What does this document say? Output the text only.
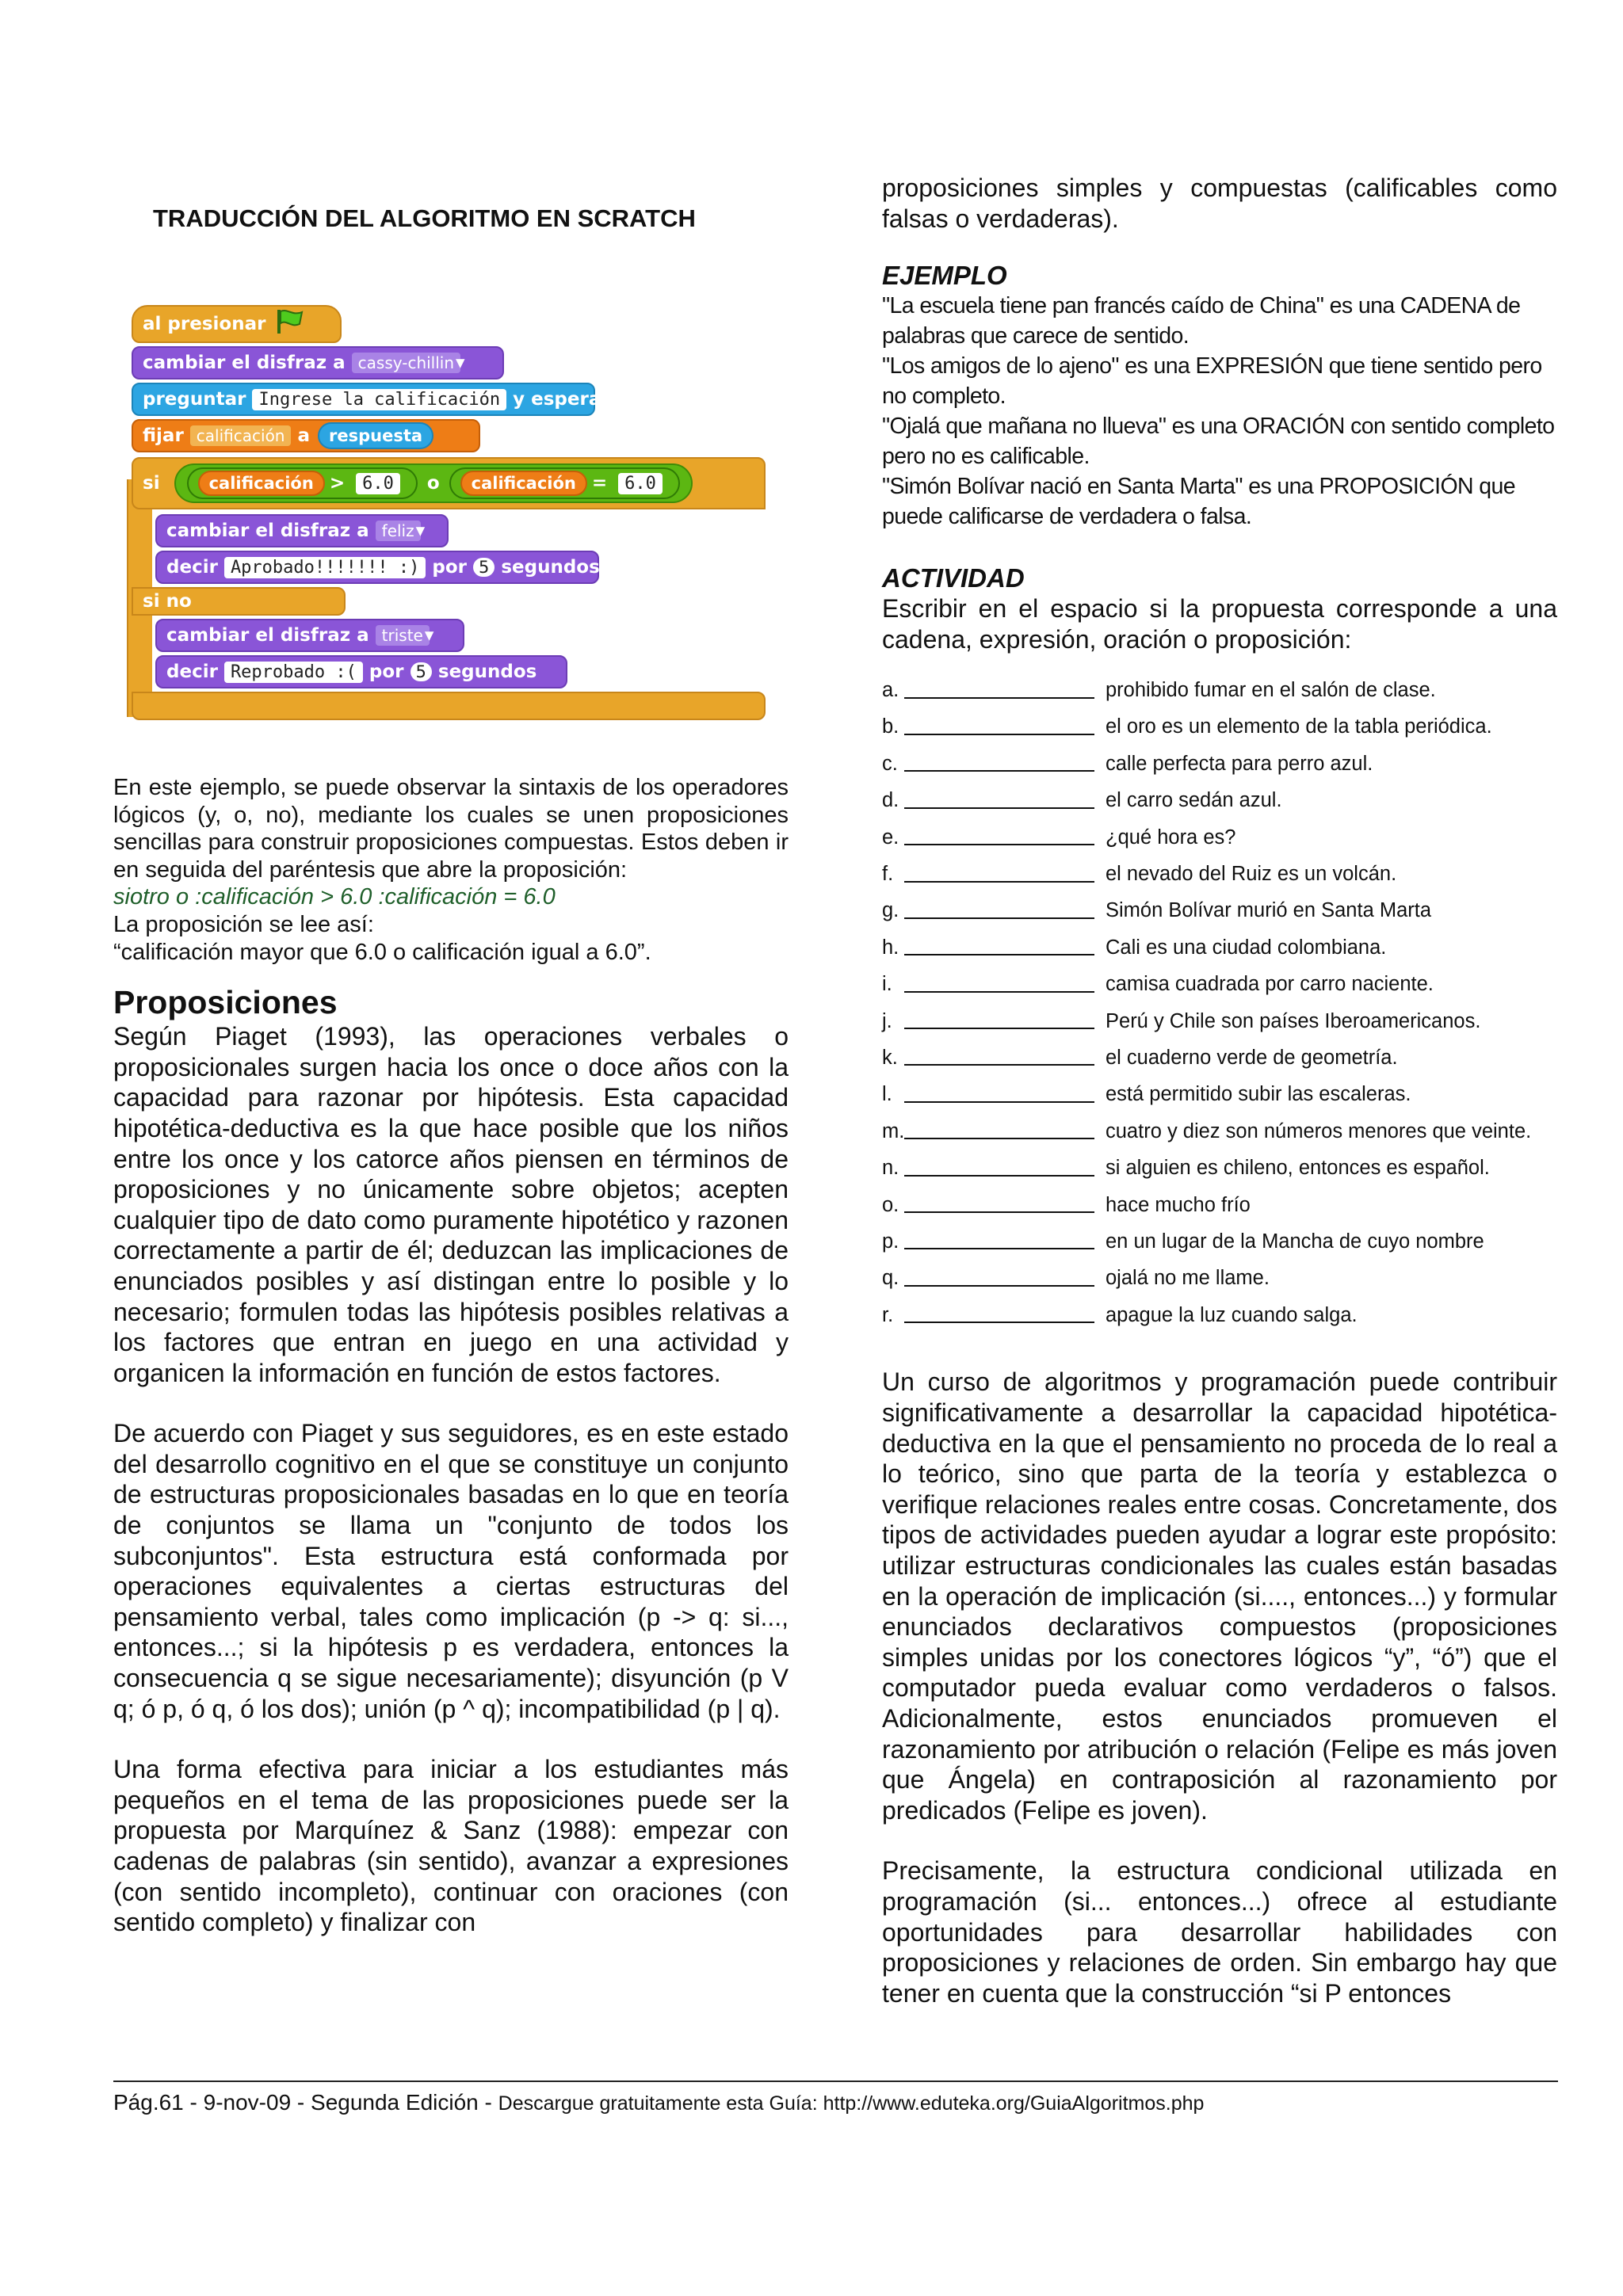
TRADUCCIÓN DEL ALGORITMO EN SCRATCH

al presionar
cambiar el disfraz a cassy-chillin ▾
preguntar Ingrese la calificación y esperar
fijar calificación a	respuesta
si	calificación >	6.0	o	calificación =	6.0
cambiar el disfraz a feliz ▾
decir Aprobado!!!!!!! :) por 5 segundos
si no
cambiar el disfraz a triste ▾
decir Reprobado :( por 5 segundos

En este ejemplo, se puede observar la sintaxis de los operadores lógicos (y, o, no), mediante los cuales se unen proposiciones sencillas para construir proposiciones compuestas. Estos deben ir en seguida del paréntesis que abre la proposición:

siotro o :calificación > 6.0 :calificación = 6.0

La proposición se lee así:

“calificación mayor que 6.0 o calificación igual a 6.0”.

Proposiciones

Según Piaget (1993), las operaciones verbales o proposicionales surgen hacia los once o doce años con la capacidad para razonar por hipótesis. Esta capacidad hipotética-deductiva es la que hace posible que los niños entre los once y los catorce años piensen en términos de proposiciones y no únicamente sobre objetos; acepten cualquier tipo de dato como puramente hipotético y razonen correctamente a partir de él; deduzcan las implicaciones de enunciados posibles y así distingan entre lo posible y lo necesario; formulen todas las hipótesis posibles relativas a los factores que entran en juego en una actividad y organicen la información en función de estos factores.

De acuerdo con Piaget y sus seguidores, es en este estado del desarrollo cognitivo en el que se constituye un conjunto de estructuras proposicionales basadas en lo que en teoría de conjuntos se llama un "conjunto de todos los subconjuntos". Esta estructura está conformada por operaciones equivalentes a ciertas estructuras del pensamiento verbal, tales como implicación (p -> q: si..., entonces...; si la hipótesis p es verdadera, entonces la consecuencia q se sigue necesariamente); disyunción (p V q; ó p, ó q, ó los dos); unión (p ^ q); incompatibilidad (p | q).

Una forma efectiva para iniciar a los estudiantes más pequeños en el tema de las proposiciones puede ser la propuesta por Marquínez & Sanz (1988): empezar con cadenas de palabras (sin sentido), avanzar a expresiones (con sentido incompleto), continuar con oraciones (con sentido completo) y finalizar con

proposiciones simples y compuestas (calificables como falsas o verdaderas).

EJEMPLO

"La escuela tiene pan francés caído de China" es una CADENA de palabras que carece de sentido.
"Los amigos de lo ajeno" es una EXPRESIÓN que tiene sentido pero no completo.
"Ojalá que mañana no llueva" es una ORACIÓN con sentido completo pero no es calificable.
"Simón Bolívar nació en Santa Marta" es una PROPOSICIÓN que puede calificarse de verdadera o falsa.

ACTIVIDAD

Escribir en el espacio si la propuesta corresponde a una cadena, expresión, oración o proposición:

a.	prohibido fumar en el salón de clase.
b.	el oro es un elemento de la tabla periódica.
c.	calle perfecta para perro azul.
d.	el carro sedán azul.
e.	¿qué hora es?
f.	el nevado del Ruiz es un volcán.
g.	Simón Bolívar murió en Santa Marta
h.	Cali es una ciudad colombiana.
i.	camisa cuadrada por carro naciente.
j.	Perú y Chile son países Iberoamericanos.
k.	el cuaderno verde de geometría.
l.	está permitido subir las escaleras.
m.	cuatro y diez son números menores que veinte.
n.	si alguien es chileno, entonces es español.
o.	hace mucho frío
p.	en un lugar de la Mancha de cuyo nombre
q.	ojalá no me llame.
r.	apague la luz cuando salga.

Un curso de algoritmos y programación puede contribuir significativamente a desarrollar la capacidad hipotética-deductiva en la que el pensamiento no proceda de lo real a lo teórico, sino que parta de la teoría y establezca o verifique relaciones reales entre cosas. Concretamente, dos tipos de actividades pueden ayudar a lograr este propósito: utilizar estructuras condicionales las cuales están basadas en la operación de implicación (si...., entonces...) y formular enunciados declarativos compuestos (proposiciones simples unidas por los conectores lógicos “y”, “ó”) que el computador pueda evaluar como verdaderos o falsos. Adicionalmente, estos enunciados promueven el razonamiento por atribución o relación (Felipe es más joven que Ángela) en contraposición al razonamiento por predicados (Felipe es joven).

Precisamente, la estructura condicional utilizada en programación (si... entonces...) ofrece al estudiante oportunidades para desarrollar habilidades con proposiciones y relaciones de orden. Sin embargo hay que tener en cuenta que la construcción “si P entonces

Pág.61 - 9-nov-09 - Segunda Edición - Descargue gratuitamente esta Guía: http://www.eduteka.org/GuiaAlgoritmos.php
